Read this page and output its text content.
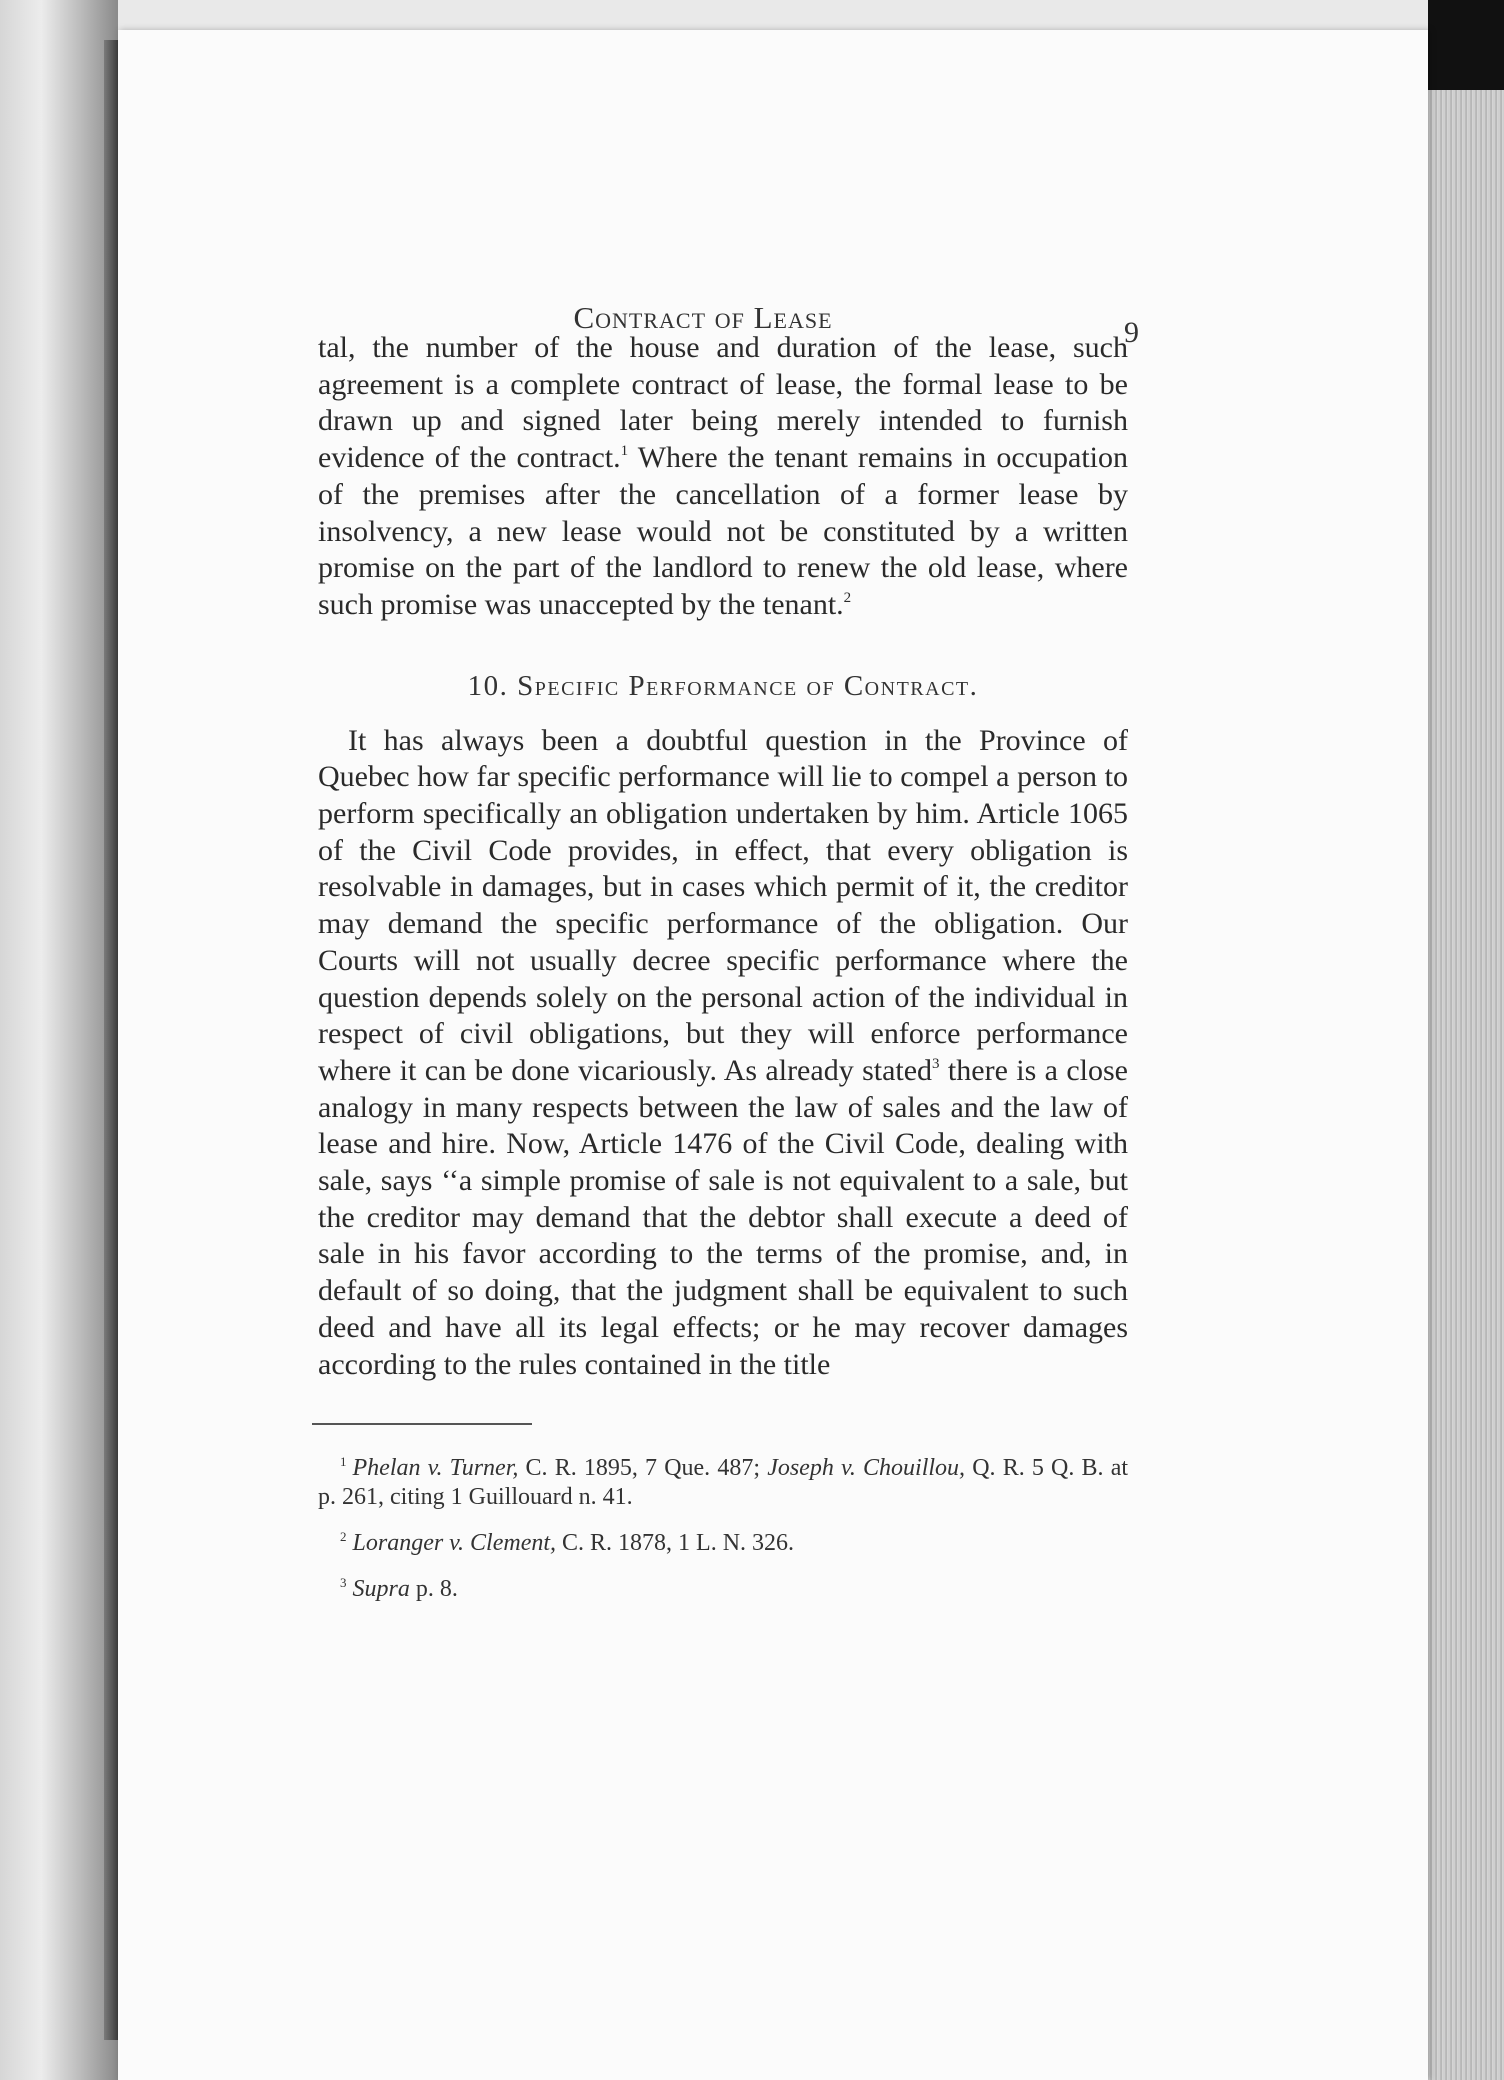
Contract of Lease	9

tal, the number of the house and duration of the lease, such agreement is a complete contract of lease, the formal lease to be drawn up and signed later being merely intended to furnish evidence of the contract.$^1$ Where the tenant remains in occupation of the premises after the cancellation of a former lease by insolvency, a new lease would not be constituted by a written promise on the part of the landlord to renew the old lease, where such promise was unaccepted by the tenant.$^2$

10. Specific Performance of Contract.

It has always been a doubtful question in the Province of Quebec how far specific performance will lie to compel a person to perform specifically an obligation undertaken by him. Article 1065 of the Civil Code provides, in effect, that every obligation is resolvable in damages, but in cases which permit of it, the creditor may demand the specific performance of the obligation. Our Courts will not usually decree specific performance where the question depends solely on the personal action of the individual in respect of civil obligations, but they will enforce performance where it can be done vicariously. As already stated$^3$ there is a close analogy in many respects between the law of sales and the law of lease and hire. Now, Article 1476 of the Civil Code, dealing with sale, says ‘‘a simple promise of sale is not equivalent to a sale, but the creditor may demand that the debtor shall execute a deed of sale in his favor according to the terms of the promise, and, in default of so doing, that the judgment shall be equivalent to such deed and have all its legal effects; or he may recover damages according to the rules contained in the title

$^1$ Phelan v. Turner, C. R. 1895, 7 Que. 487; Joseph v. Chouillou, Q. R. 5 Q. B. at p. 261, citing 1 Guillouard n. 41.

$^2$ Loranger v. Clement, C. R. 1878, 1 L. N. 326.

$^3$ Supra p. 8.
